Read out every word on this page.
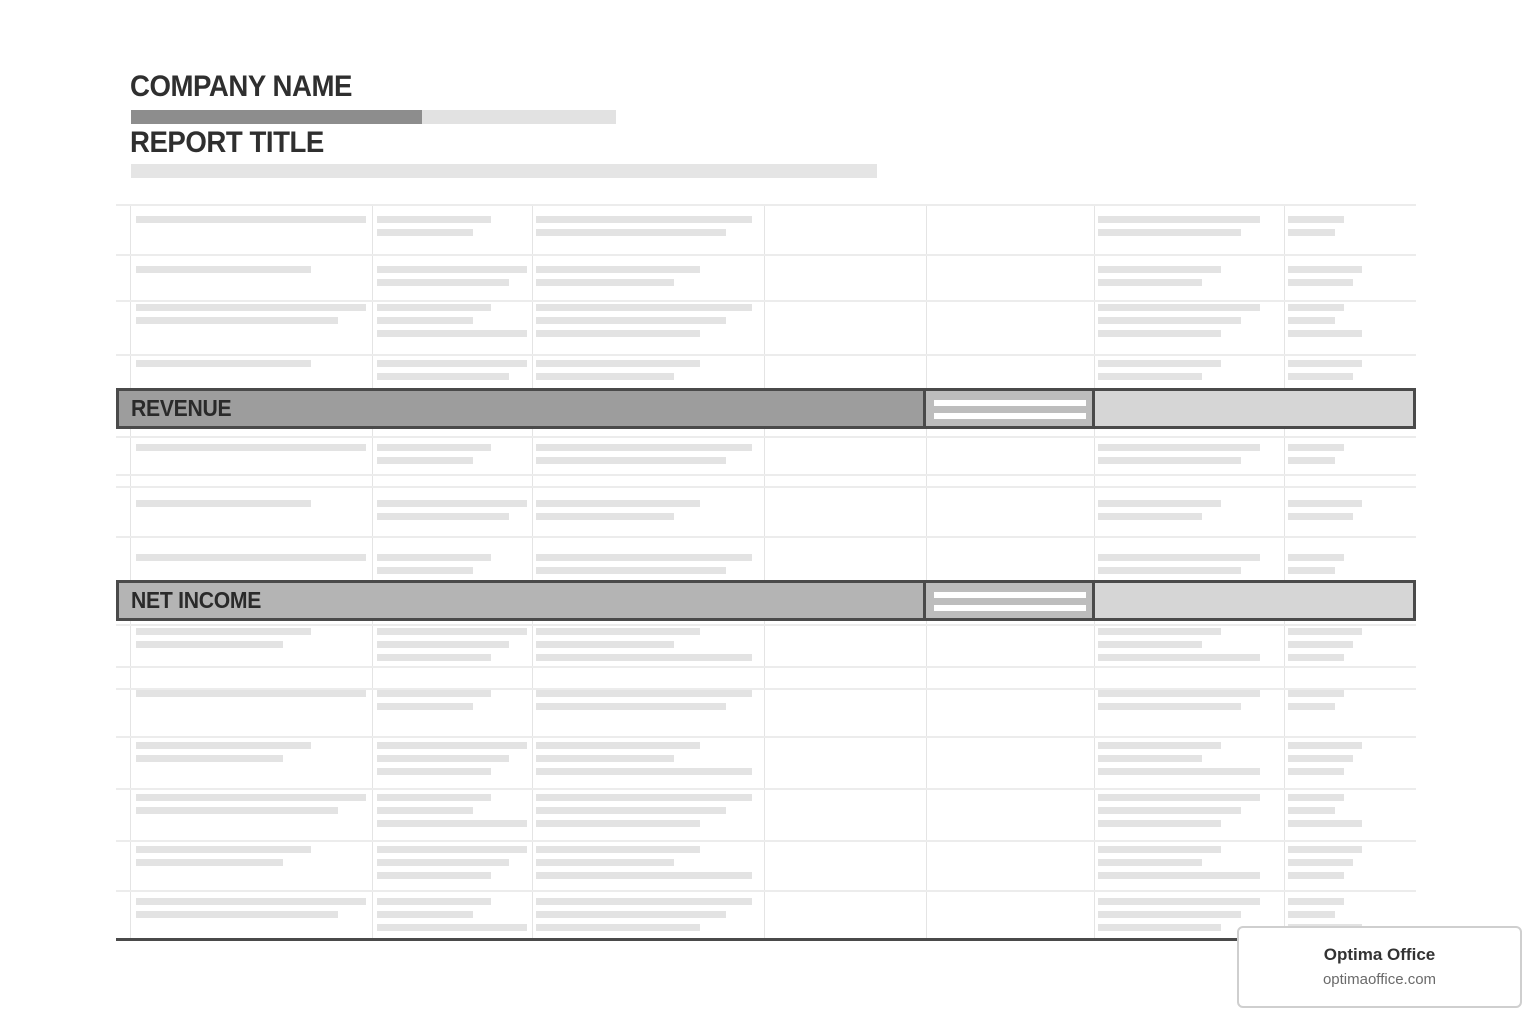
COMPANY NAME
REPORT TITLE
REVENUE
NET INCOME
Optima Office
optimaoffice.com
